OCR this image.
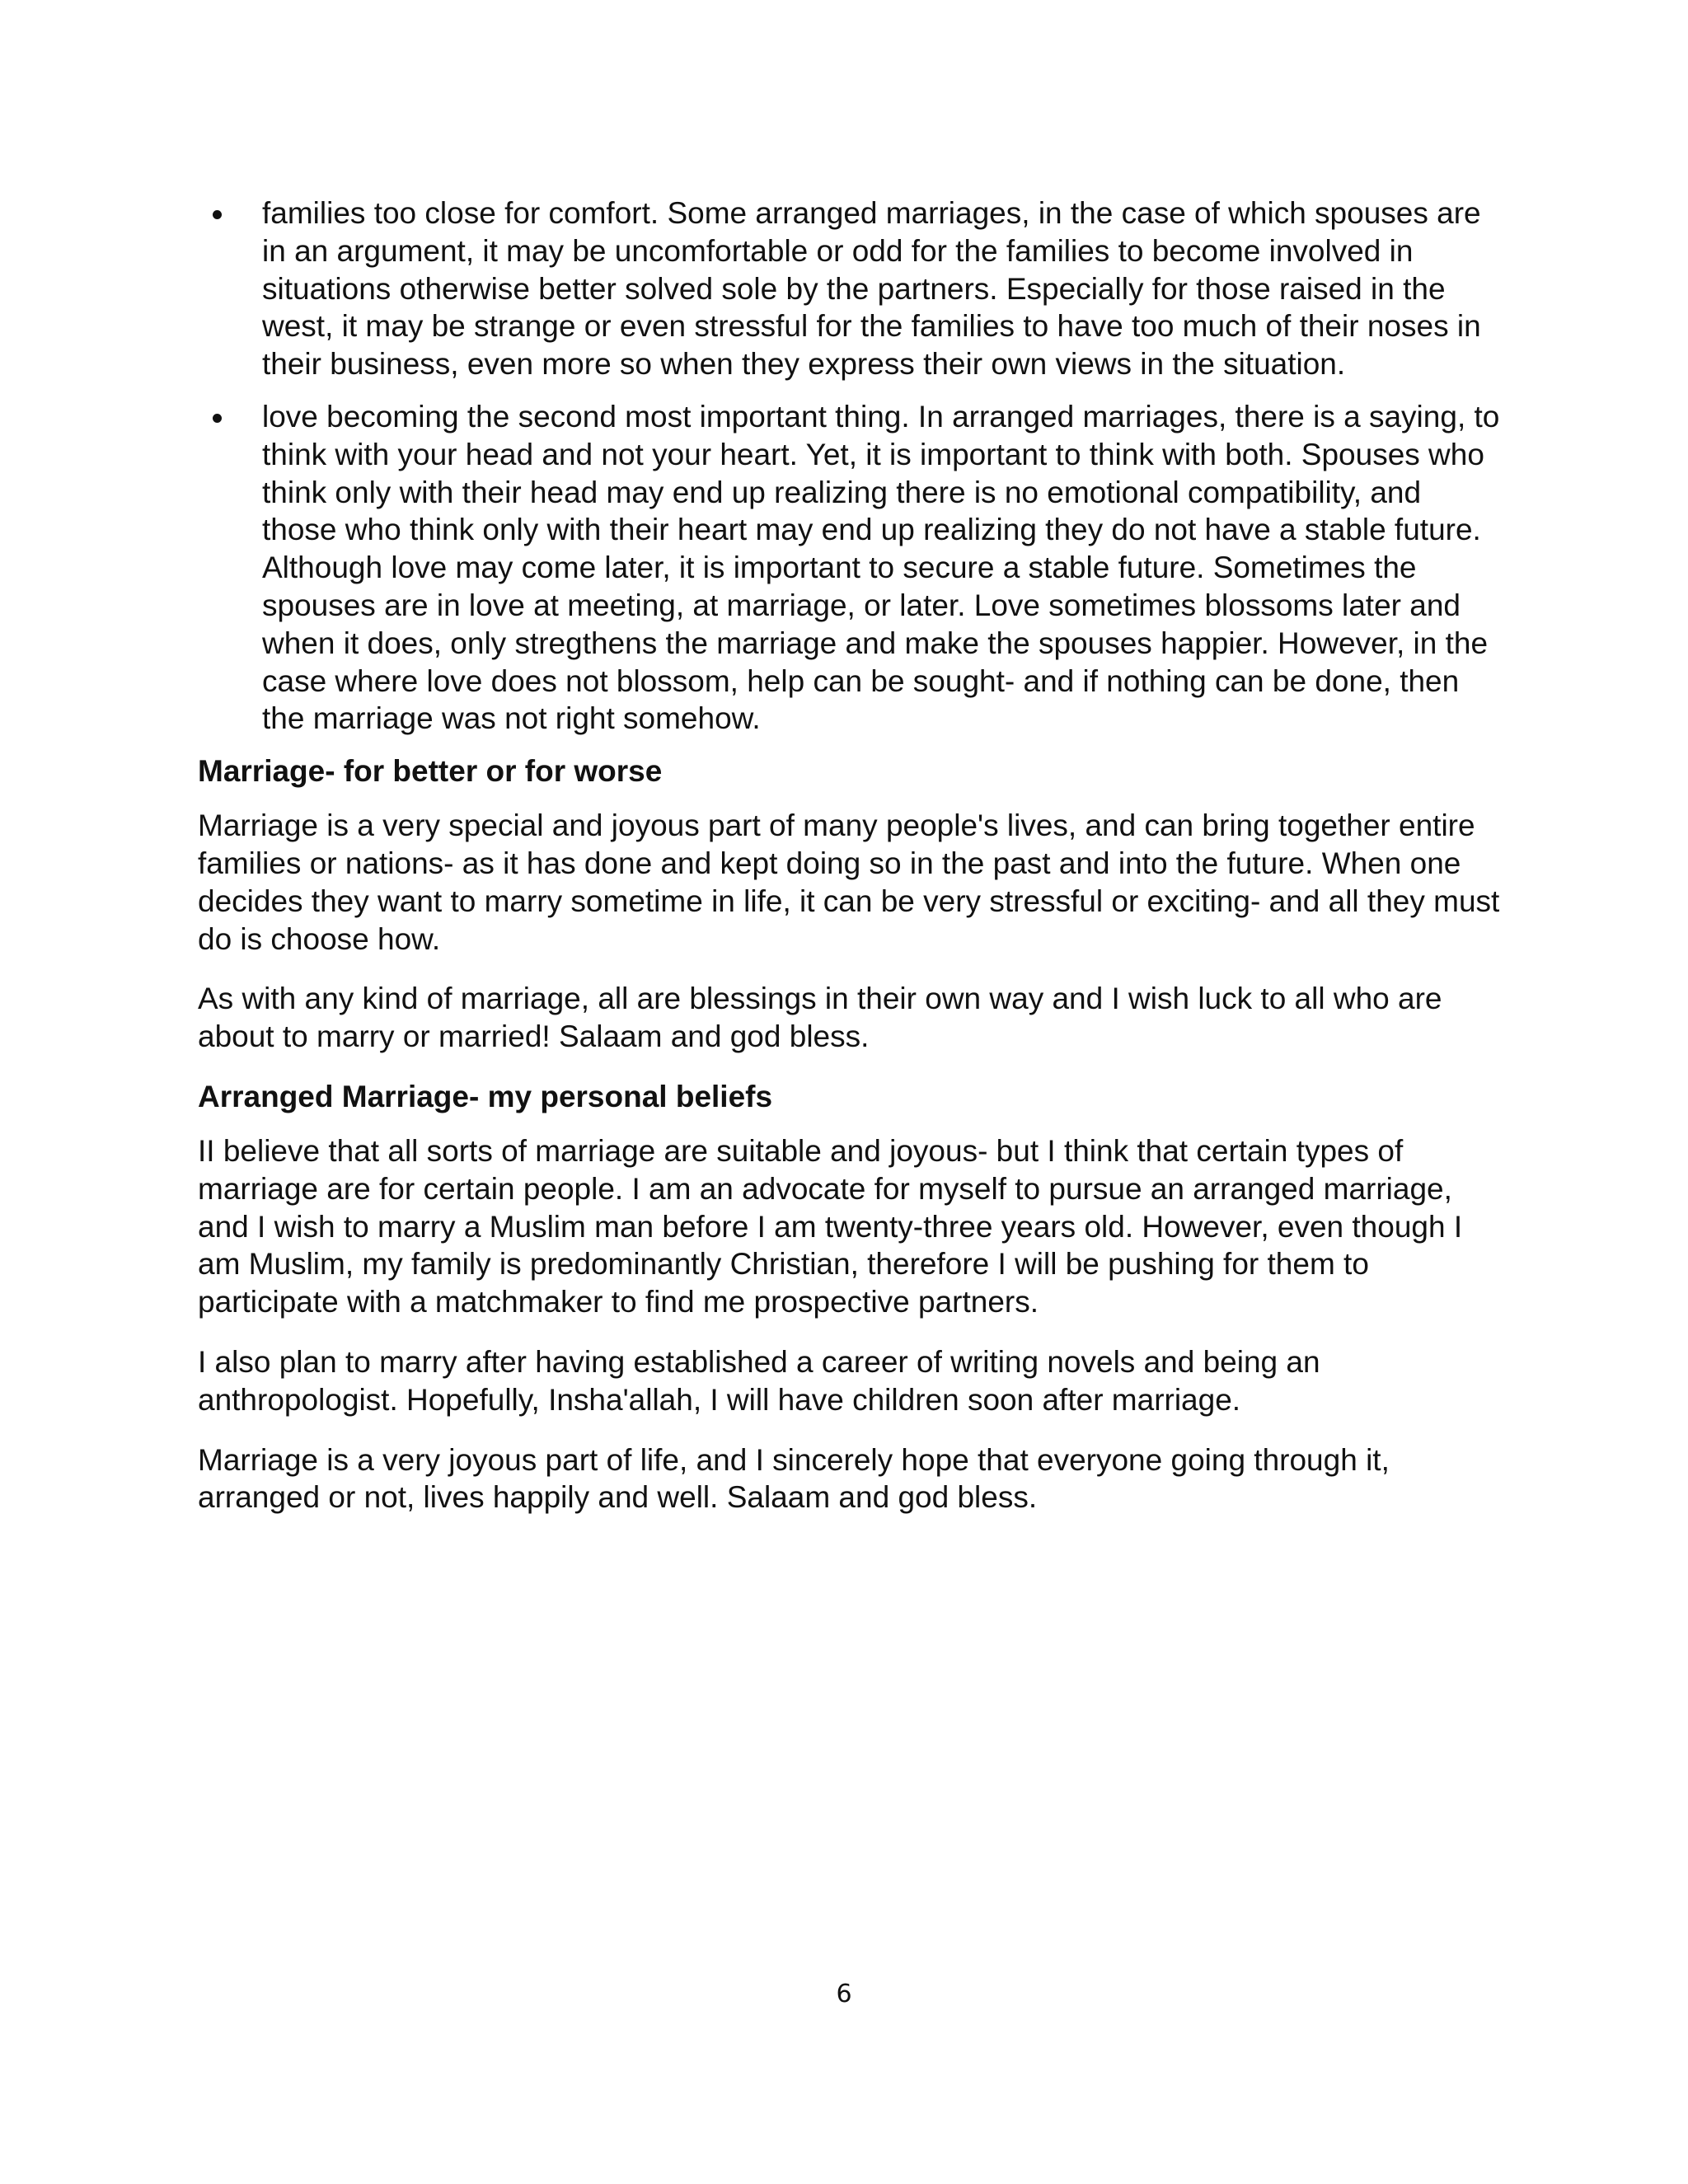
families too close for comfort. Some arranged marriages, in the case of which spouses are in an argument, it may be uncomfortable or odd for the families to become involved in situations otherwise better solved sole by the partners. Especially for those raised in the west, it may be strange or even stressful for the families to have too much of their noses in their business, even more so when they express their own views in the situation.
love becoming the second most important thing. In arranged marriages, there is a saying, to think with your head and not your heart. Yet, it is important to think with both. Spouses who think only with their head may end up realizing there is no emotional compatibility, and those who think only with their heart may end up realizing they do not have a stable future. Although love may come later, it is important to secure a stable future. Sometimes the spouses are in love at meeting, at marriage, or later. Love sometimes blossoms later and when it does, only stregthens the marriage and make the spouses happier. However, in the case where love does not blossom, help can be sought- and if nothing can be done, then the marriage was not right somehow.
Marriage- for better or for worse

Marriage is a very special and joyous part of many people's lives, and can bring together entire families or nations- as it has done and kept doing so in the past and into the future. When one decides they want to marry sometime in life, it can be very stressful or exciting- and all they must do is choose how.

As with any kind of marriage, all are blessings in their own way and I wish luck to all who are about to marry or married! Salaam and god bless.

Arranged Marriage- my personal beliefs

II believe that all sorts of marriage are suitable and joyous- but I think that certain types of marriage are for certain people. I am an advocate for myself to pursue an arranged marriage, and I wish to marry a Muslim man before I am twenty-three years old. However, even though I am Muslim, my family is predominantly Christian, therefore I will be pushing for them to participate with a matchmaker to find me prospective partners.

I also plan to marry after having established a career of writing novels and being an anthropologist. Hopefully, Insha'allah, I will have children soon after marriage.

Marriage is a very joyous part of life, and I sincerely hope that everyone going through it, arranged or not, lives happily and well. Salaam and god bless.

6
